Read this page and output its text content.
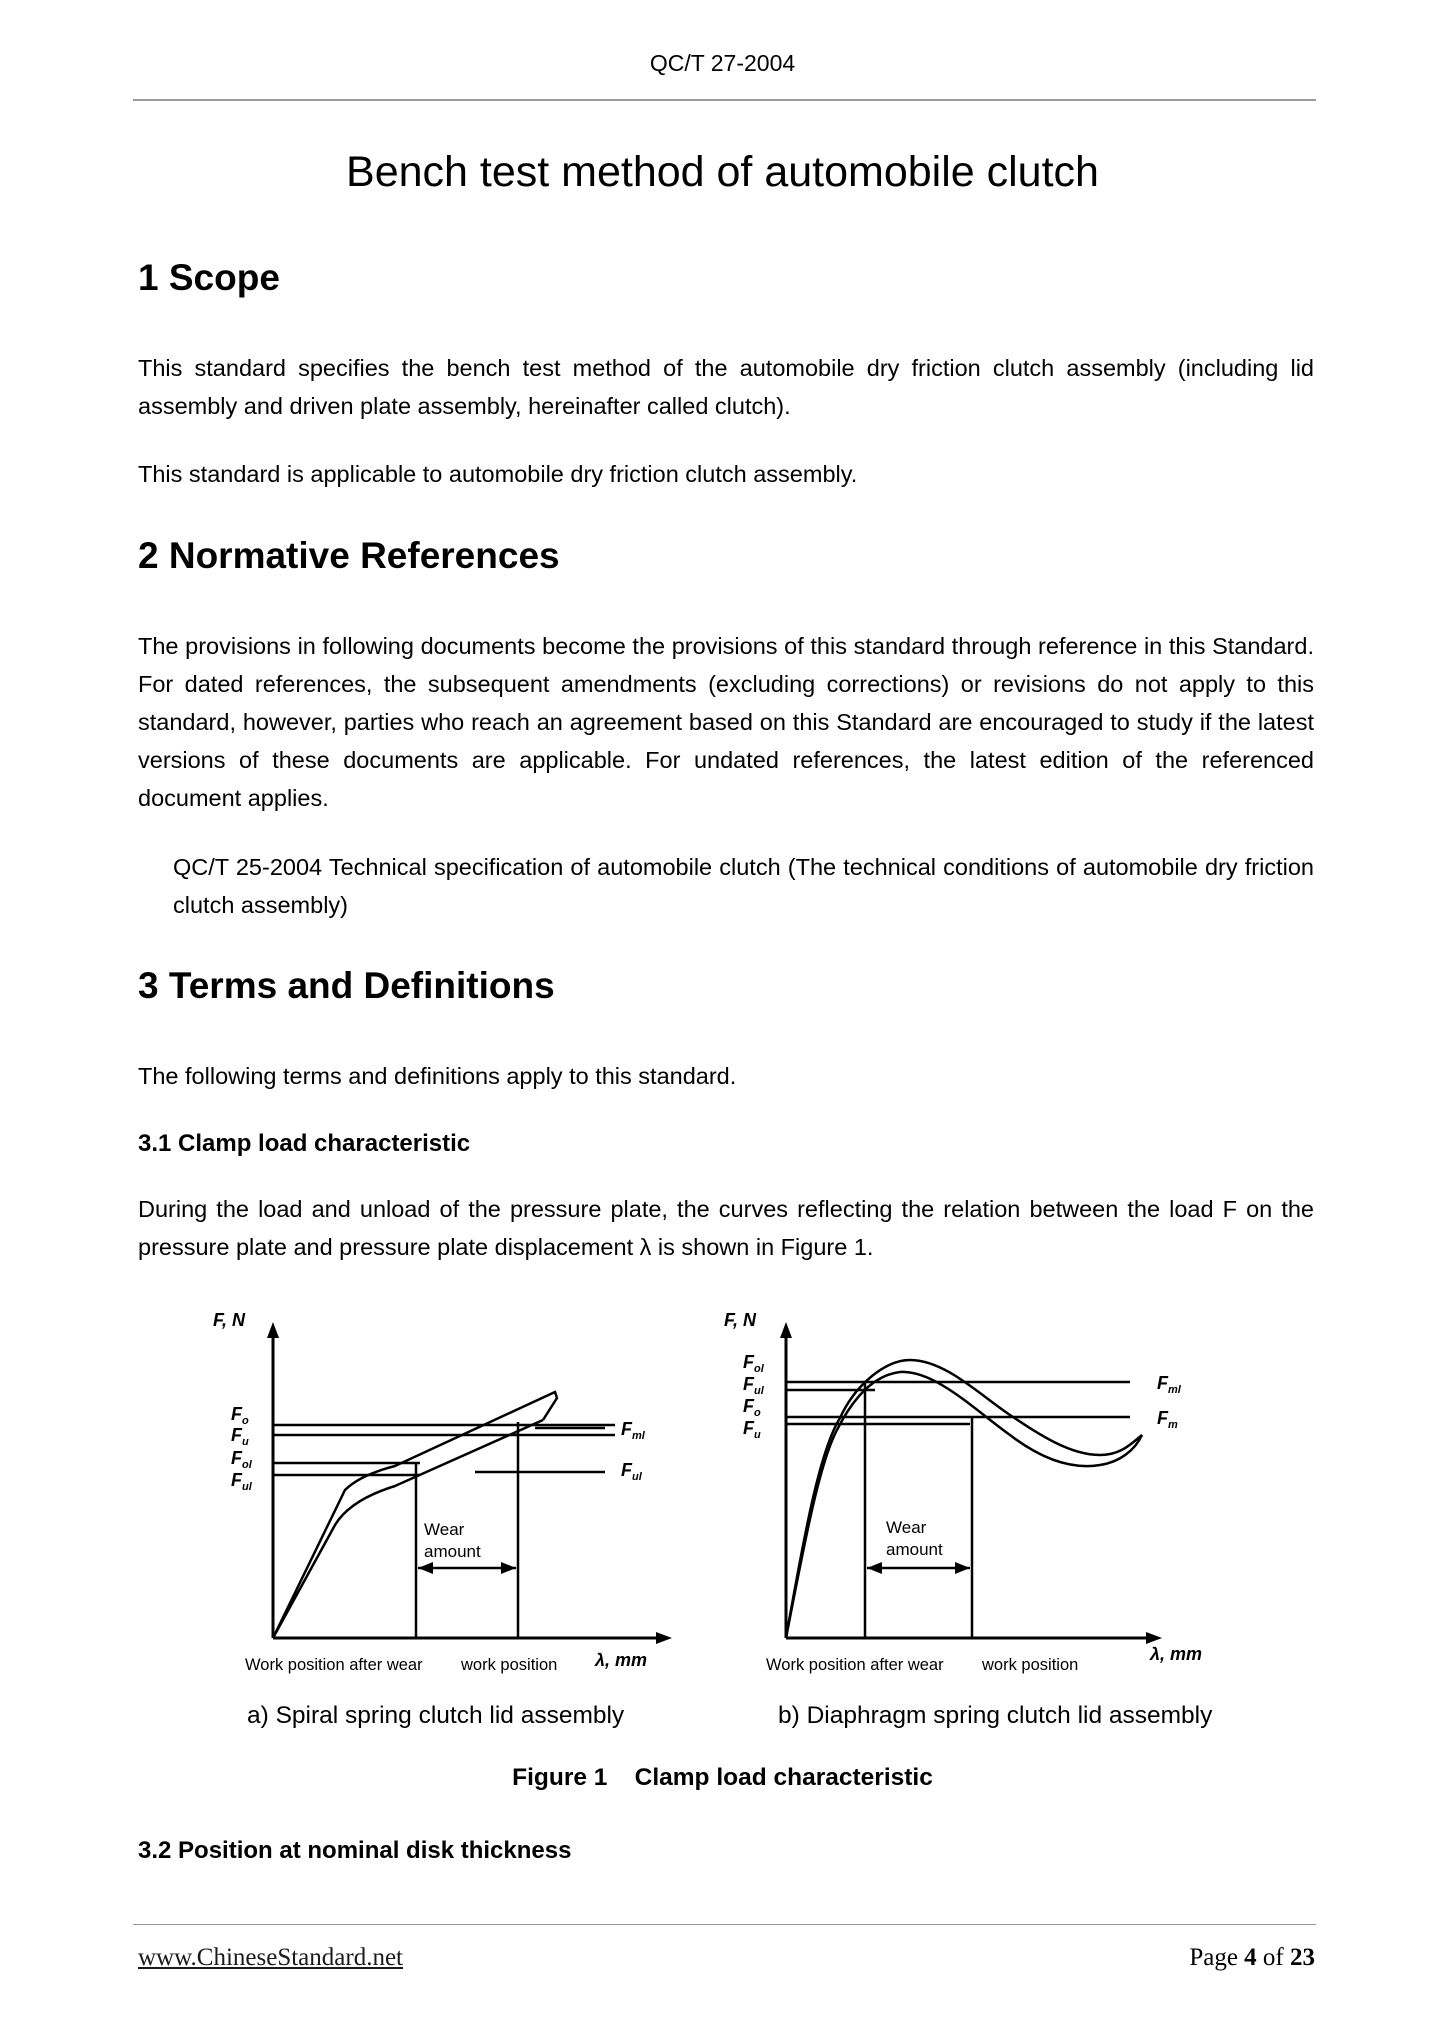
QC/T 27-2004
Bench test method of automobile clutch
1 Scope
This standard specifies the bench test method of the automobile dry friction clutch assembly (including lid assembly and driven plate assembly, hereinafter called clutch).
This standard is applicable to automobile dry friction clutch assembly.
2 Normative References
The provisions in following documents become the provisions of this standard through reference in this Standard. For dated references, the subsequent amendments (excluding corrections) or revisions do not apply to this standard, however, parties who reach an agreement based on this Standard are encouraged to study if the latest versions of these documents are applicable. For undated references, the latest edition of the referenced document applies.
QC/T 25-2004 Technical specification of automobile clutch (The technical conditions of automobile dry friction clutch assembly)
3 Terms and Definitions
The following terms and definitions apply to this standard.
3.1 Clamp load characteristic
During the load and unload of the pressure plate, the curves reflecting the relation between the load F on the pressure plate and pressure plate displacement λ is shown in Figure 1.
F, N
λ, mm
F o
F u
F ol
F ul
F ml
F ul
Wear
amount
Work position after wear work position
F, N
λ, mm
F ol
F ul
F o
F u
F ml
F m
Wear
amount
Work position after wear work position
a) Spiral spring clutch lid assembly	b) Diaphragm spring clutch lid assembly
Figure 1    Clamp load characteristic
3.2 Position at nominal disk thickness
www.ChineseStandard.net	Page 4 of 23
